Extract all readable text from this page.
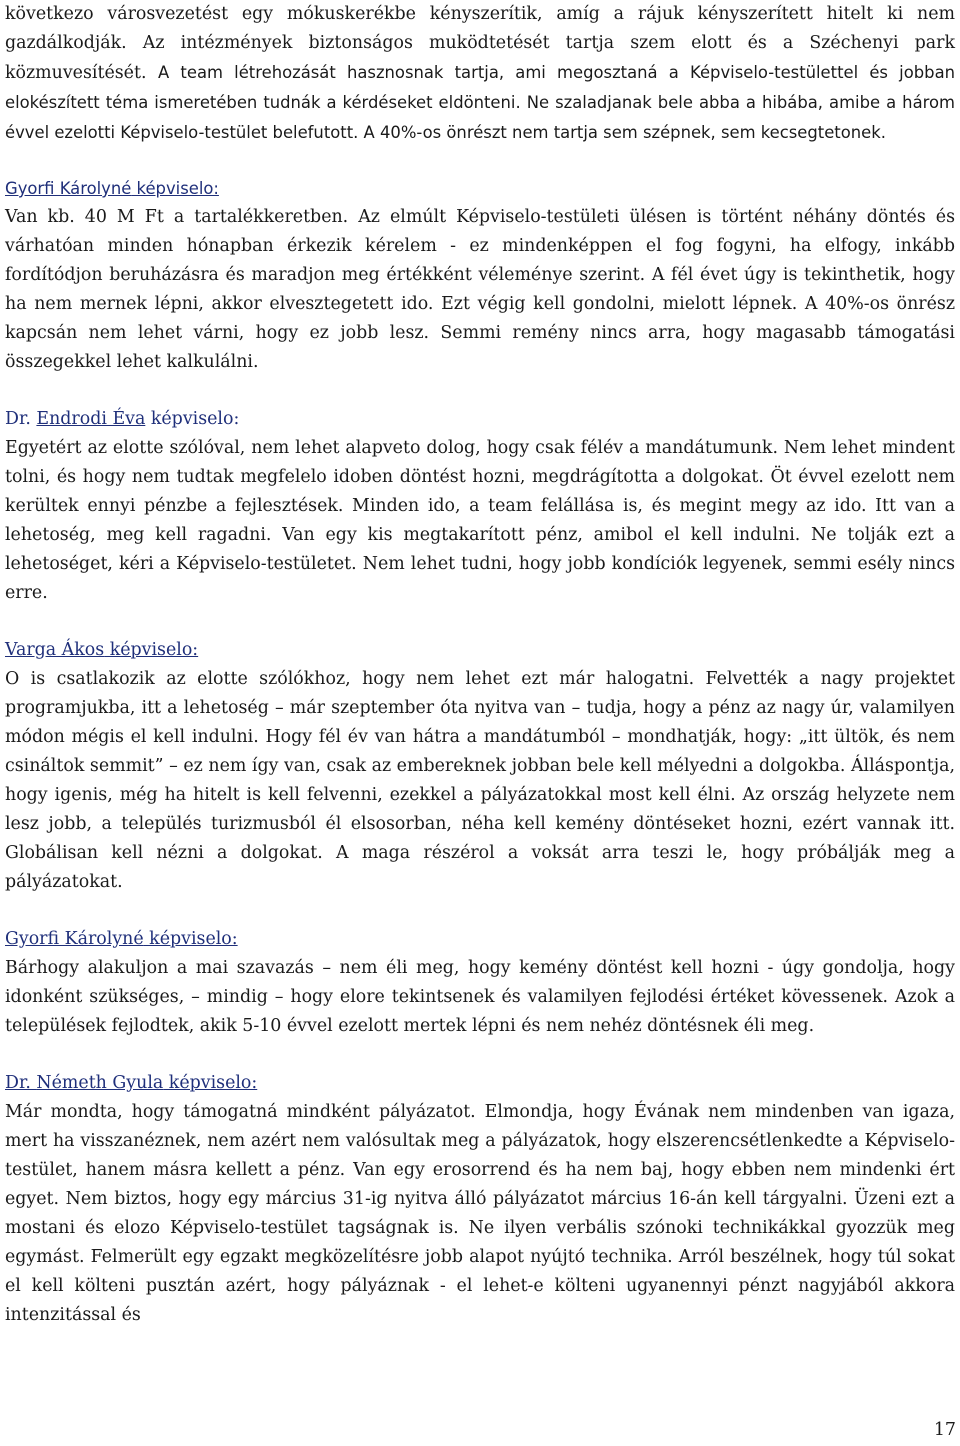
következo városvezetést egy mókuskerékbe kényszerítik, amíg a rájuk kényszerített hitelt ki nem gazdálkodják. Az intézmények biztonságos muködtetését tartja szem elott és a Széchenyi park közmuvesítését. A team létrehozását hasznosnak tartja, ami megosztaná a Képviselo-testülettel és jobban elokészített téma ismeretében tudnák a kérdéseket eldönteni. Ne szaladjanak bele abba a hibába, amibe a három évvel ezelotti Képviselo-testület belefutott. A 40%-os önrészt nem tartja sem szépnek, sem kecsegtetonek.

Gyorfi Károlyné képviselo:

Van kb. 40 M Ft a tartalékkeretben. Az elmúlt Képviselo-testületi ülésen is történt néhány döntés és várhatóan minden hónapban érkezik kérelem - ez mindenképpen el fog fogyni, ha elfogy, inkább fordítódjon beruházásra és maradjon meg értékként véleménye szerint. A fél évet úgy is tekinthetik, hogy ha nem mernek lépni, akkor elvesztegetett ido. Ezt végig kell gondolni, mielott lépnek. A 40%-os önrész kapcsán nem lehet várni, hogy ez jobb lesz. Semmi remény nincs arra, hogy magasabb támogatási összegekkel lehet kalkulálni.

Dr. Endrodi Éva képviselo:

Egyetért az elotte szólóval, nem lehet alapveto dolog, hogy csak félév a mandátumunk. Nem lehet mindent tolni, és hogy nem tudtak megfelelo idoben döntést hozni, megdrágította a dolgokat. Öt évvel ezelott nem kerültek ennyi pénzbe a fejlesztések. Minden ido, a team felállása is, és megint megy az ido. Itt van a lehetoség, meg kell ragadni. Van egy kis megtakarított pénz, amibol el kell indulni. Ne tolják ezt a lehetoséget, kéri a Képviselo-testületet. Nem lehet tudni, hogy jobb kondíciók legyenek, semmi esély nincs erre.

Varga Ákos képviselo:

O is csatlakozik az elotte szólókhoz, hogy nem lehet ezt már halogatni. Felvették a nagy projektet programjukba, itt a lehetoség – már szeptember óta nyitva van – tudja, hogy a pénz az nagy úr, valamilyen módon mégis el kell indulni. Hogy fél év van hátra a mandátumból – mondhatják, hogy: „itt ültök, és nem csináltok semmit” – ez nem így van, csak az embereknek jobban bele kell mélyedni a dolgokba. Álláspontja, hogy igenis, még ha hitelt is kell felvenni, ezekkel a pályázatokkal most kell élni. Az ország helyzete nem lesz jobb, a település turizmusból él elsosorban, néha kell kemény döntéseket hozni, ezért vannak itt. Globálisan kell nézni a dolgokat. A maga részérol a voksát arra teszi le, hogy próbálják meg a pályázatokat.

Gyorfi Károlyné képviselo:

Bárhogy alakuljon a mai szavazás – nem éli meg, hogy kemény döntést kell hozni - úgy gondolja, hogy idonként szükséges, – mindig – hogy elore tekintsenek és valamilyen fejlodési értéket kövessenek. Azok a települések fejlodtek, akik 5-10 évvel ezelott mertek lépni és nem nehéz döntésnek éli meg.

Dr. Németh Gyula képviselo:

Már mondta, hogy támogatná mindként pályázatot. Elmondja, hogy Évának nem mindenben van igaza, mert ha visszanéznek, nem azért nem valósultak meg a pályázatok, hogy elszerencsétlenkedte a Képviselo-testület, hanem másra kellett a pénz. Van egy erosorrend és ha nem baj, hogy ebben nem mindenki ért egyet. Nem biztos, hogy egy március 31-ig nyitva álló pályázatot március 16-án kell tárgyalni. Üzeni ezt a mostani és elozo Képviselo-testület tagságnak is. Ne ilyen verbális szónoki technikákkal gyozzük meg egymást. Felmerült egy egzakt megközelítésre jobb alapot nyújtó technika. Arról beszélnek, hogy túl sokat el kell költeni pusztán azért, hogy pályáznak - el lehet-e költeni ugyanennyi pénzt nagyjából akkora intenzitással és

17
